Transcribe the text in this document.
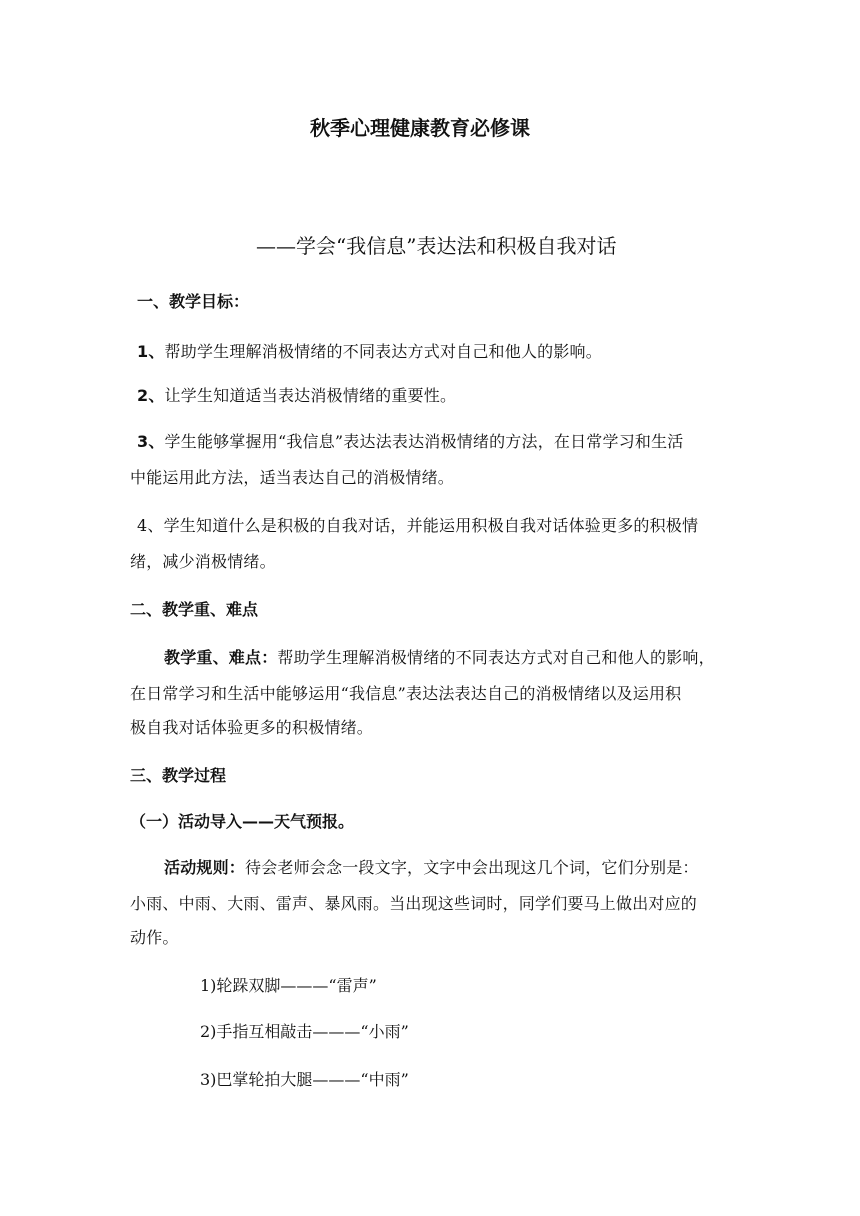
秋季心理健康教育必修课
——学会“我信息”表达法和积极自我对话
一、教学目标：
1、帮助学生理解消极情绪的不同表达方式对自己和他人的影响。
2、让学生知道适当表达消极情绪的重要性。
3、学生能够掌握用“我信息”表达法表达消极情绪的方法，在日常学习和生活
中能运用此方法，适当表达自己的消极情绪。
4、学生知道什么是积极的自我对话，并能运用积极自我对话体验更多的积极情
绪，减少消极情绪。
二、教学重、难点
教学重、难点：帮助学生理解消极情绪的不同表达方式对自己和他人的影响，
在日常学习和生活中能够运用“我信息”表达法表达自己的消极情绪以及运用积
极自我对话体验更多的积极情绪。
三、教学过程
（一）活动导入——天气预报。
活动规则：待会老师会念一段文字，文字中会出现这几个词，它们分别是：
小雨、中雨、大雨、雷声、暴风雨。当出现这些词时，同学们要马上做出对应的
动作。
1)轮跺双脚———“雷声”
2)手指互相敲击———“小雨”
3)巴掌轮拍大腿———“中雨”
